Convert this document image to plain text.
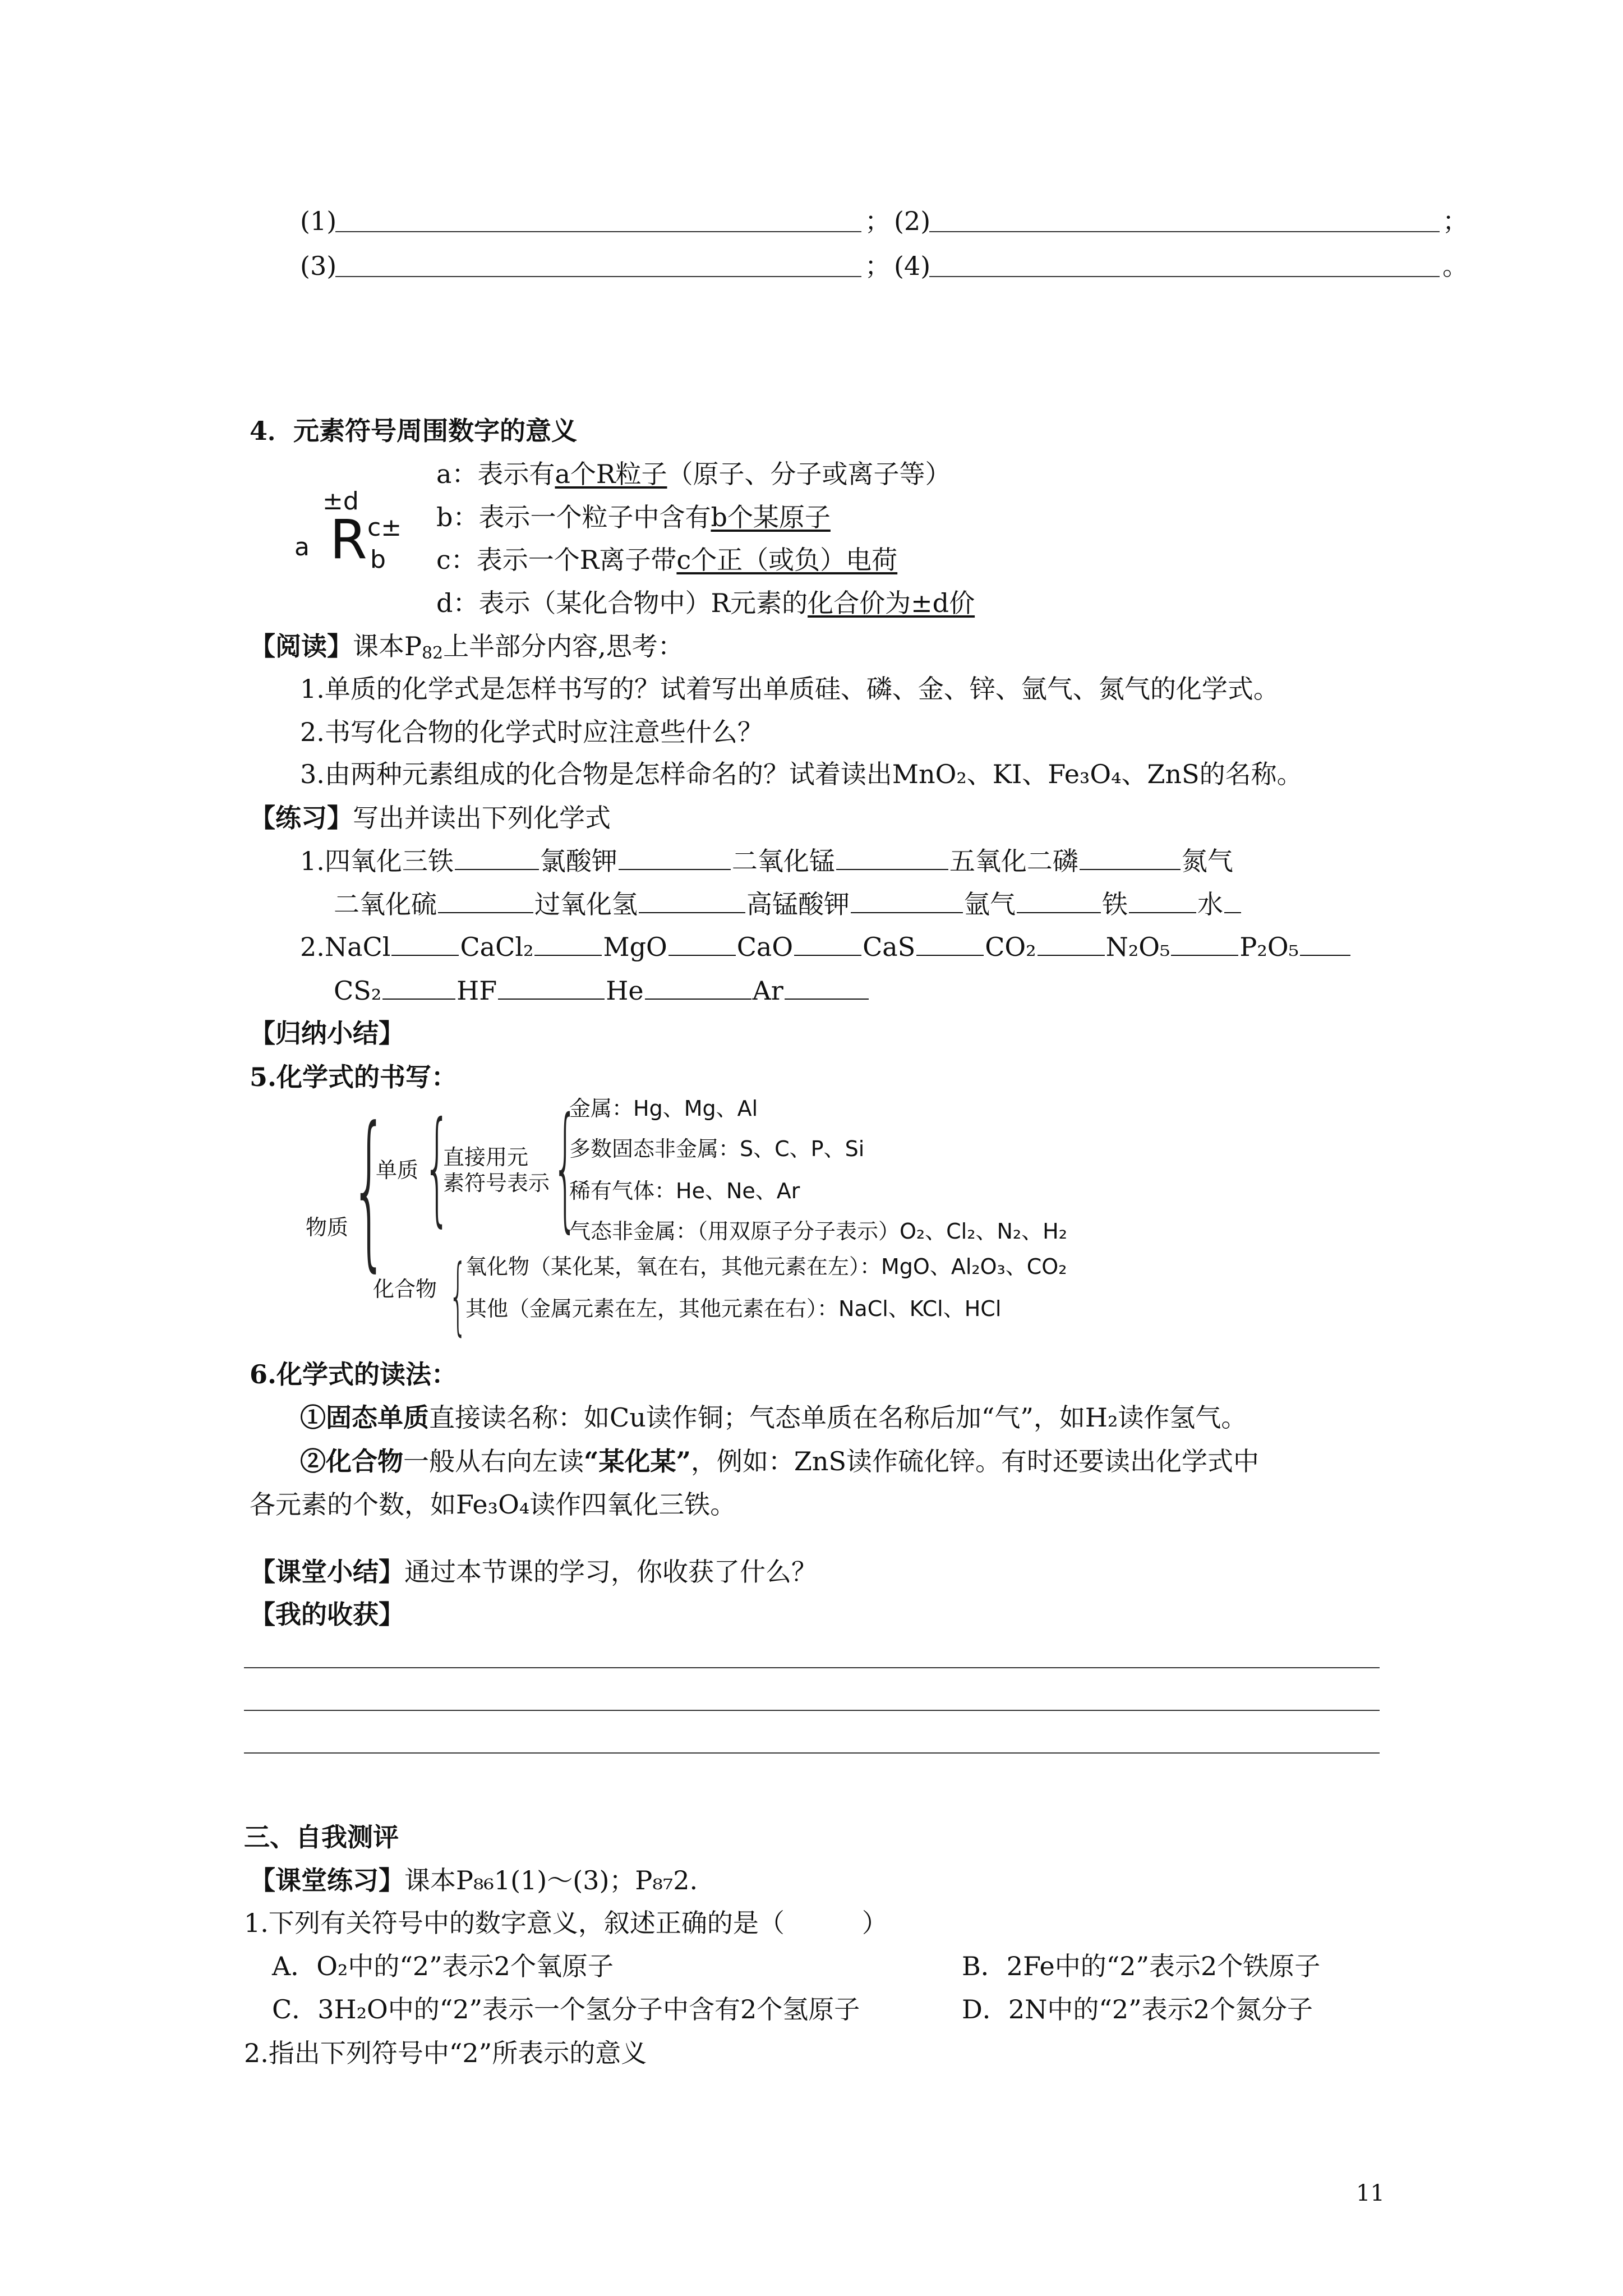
(1)	； (2)	；
(3)	； (4)	。
4．元素符号周围数字的意义
±d
c±
a R b
a：表示有a个R粒子（原子、分子或离子等）
b：表示一个粒子中含有b个某原子
c：表示一个R离子带c个正（或负）电荷
d：表示（某化合物中）R元素的化合价为±d价
【阅读】课本$P_{82}$上半部分内容,思考：
1.单质的化学式是怎样书写的？试着写出单质硅、磷、金、锌、氩气、氮气的化学式。
2.书写化合物的化学式时应注意些什么？
3.由两种元素组成的化合物是怎样命名的？试着读出MnO₂、KI、Fe₃O₄、ZnS的名称。
【练习】写出并读出下列化学式
1.四氧化三铁	氯酸钾	二氧化锰	五氧化二磷	氮气
二氧化硫	过氧化氢	高锰酸钾	氩气	铁	水
2.NaCl	CaCl₂	MgO	CaO	CaS	CO₂	N₂O₅	P₂O₅
CS₂	HF	He	Ar
【归纳小结】
5.化学式的书写：
物质 {
单质 {
直接用元
素符号表示 {
金属：Hg、Mg、Al
多数固态非金属：S、C、P、Si
稀有气体：He、Ne、Ar
气态非金属：（用双原子分子表示）O₂、Cl₂、N₂、H₂
化合物 {
氧化物（某化某，氧在右，其他元素在左）：MgO、Al₂O₃、CO₂
其他（金属元素在左，其他元素在右）：NaCl、KCl、HCl
6.化学式的读法：
①固态单质直接读名称：如Cu读作铜；气态单质在名称后加“气”，如H₂读作氢气。
②化合物一般从右向左读“某化某”，例如：ZnS读作硫化锌。有时还要读出化学式中
各元素的个数，如Fe₃O₄读作四氧化三铁。
【课堂小结】通过本节课的学习，你收获了什么？
【我的收获】
三、自我测评
【课堂练习】课本P₈₆1(1)～(3)；P₈₇2.
1.下列有关符号中的数字意义，叙述正确的是（　　　）
A．O₂中的“2”表示2个氧原子	B．2Fe中的“2”表示2个铁原子
C．3H₂O中的“2”表示一个氢分子中含有2个氢原子	D．2N中的“2”表示2个氮分子
2.指出下列符号中“2”所表示的意义
11
